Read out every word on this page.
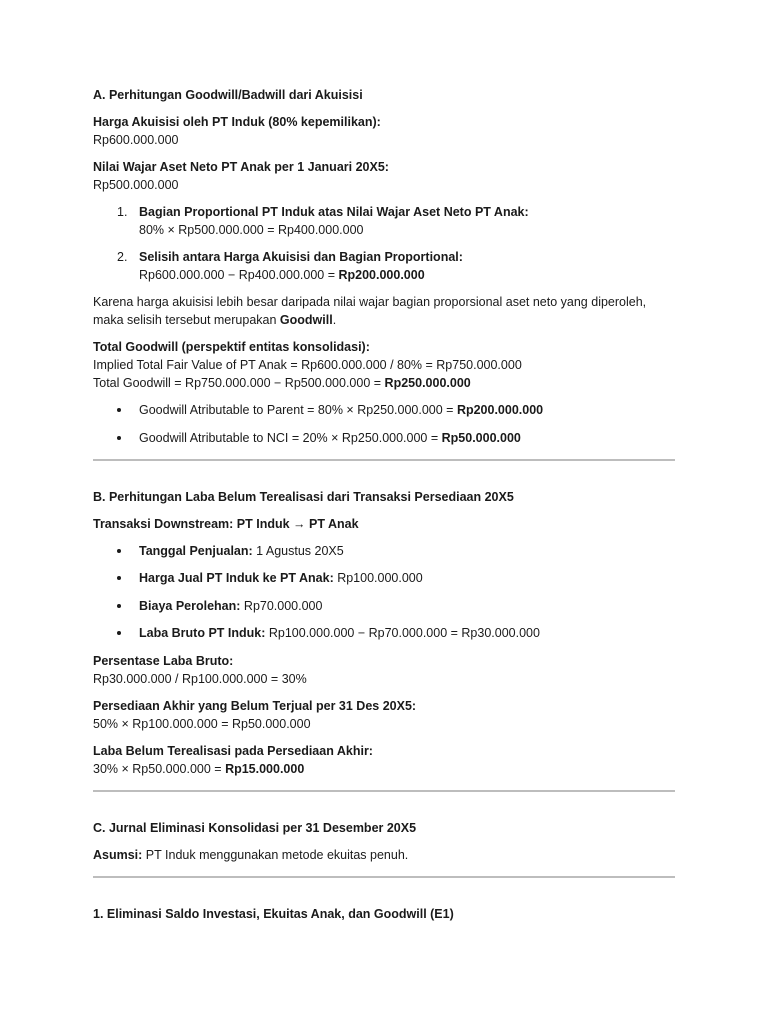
A. Perhitungan Goodwill/Badwill dari Akuisisi
Harga Akuisisi oleh PT Induk (80% kepemilikan):
Rp600.000.000
Nilai Wajar Aset Neto PT Anak per 1 Januari 20X5:
Rp500.000.000
1. Bagian Proportional PT Induk atas Nilai Wajar Aset Neto PT Anak:
80% × Rp500.000.000 = Rp400.000.000
2. Selisih antara Harga Akuisisi dan Bagian Proportional:
Rp600.000.000 − Rp400.000.000 = Rp200.000.000

Karena harga akuisisi lebih besar daripada nilai wajar bagian proporsional aset neto yang diperoleh, maka selisih tersebut merupakan Goodwill.

Total Goodwill (perspektif entitas konsolidasi):
Implied Total Fair Value of PT Anak = Rp600.000.000 / 80% = Rp750.000.000
Total Goodwill = Rp750.000.000 − Rp500.000.000 = Rp250.000.000
Goodwill Atributable to Parent = 80% × Rp250.000.000 = Rp200.000.000
Goodwill Atributable to NCI = 20% × Rp250.000.000 = Rp50.000.000
B. Perhitungan Laba Belum Terealisasi dari Transaksi Persediaan 20X5
Transaksi Downstream: PT Induk → PT Anak
Tanggal Penjualan: 1 Agustus 20X5
Harga Jual PT Induk ke PT Anak: Rp100.000.000
Biaya Perolehan: Rp70.000.000
Laba Bruto PT Induk: Rp100.000.000 − Rp70.000.000 = Rp30.000.000
Persentase Laba Bruto:
Rp30.000.000 / Rp100.000.000 = 30%
Persediaan Akhir yang Belum Terjual per 31 Des 20X5:
50% × Rp100.000.000 = Rp50.000.000
Laba Belum Terealisasi pada Persediaan Akhir:
30% × Rp50.000.000 = Rp15.000.000
C. Jurnal Eliminasi Konsolidasi per 31 Desember 20X5

Asumsi: PT Induk menggunakan metode ekuitas penuh.

1. Eliminasi Saldo Investasi, Ekuitas Anak, dan Goodwill (E1)
